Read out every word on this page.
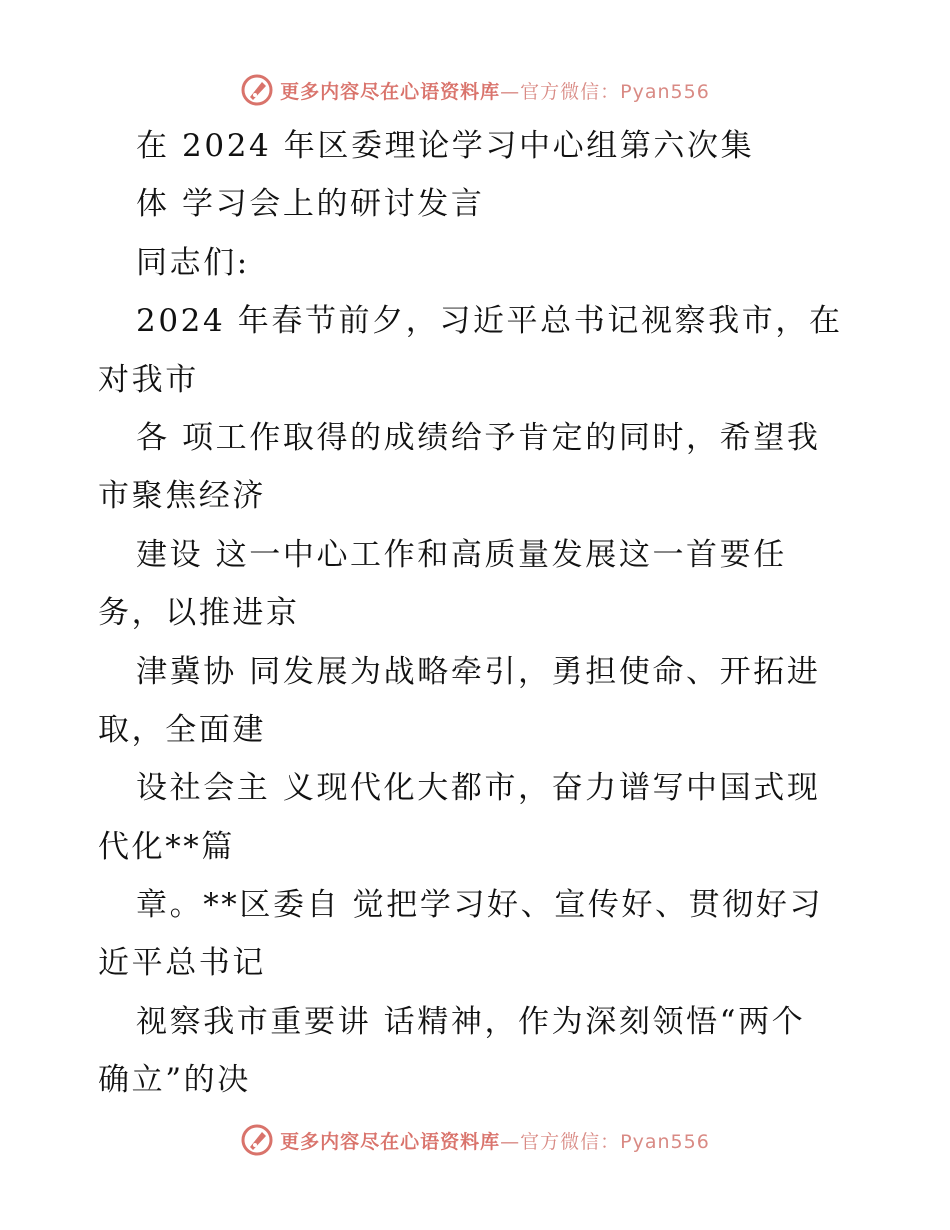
更多内容尽在心语资料库—官方微信：Pyan556
在 2024 年区委理论学习中心组第六次集
体 学习会上的研讨发言
同志们:
2024 年春节前夕，习近平总书记视察我市，在
对我市
各 项工作取得的成绩给予肯定的同时，希望我
市聚焦经济
建设 这一中心工作和高质量发展这一首要任
务，以推进京
津冀协 同发展为战略牵引，勇担使命、开拓进
取，全面建
设社会主 义现代化大都市，奋力谱写中国式现
代化**篇
章。**区委自 觉把学习好、宣传好、贯彻好习
近平总书记
视察我市重要讲 话精神，作为深刻领悟“两个
确立”的决
更多内容尽在心语资料库—官方微信：Pyan556
